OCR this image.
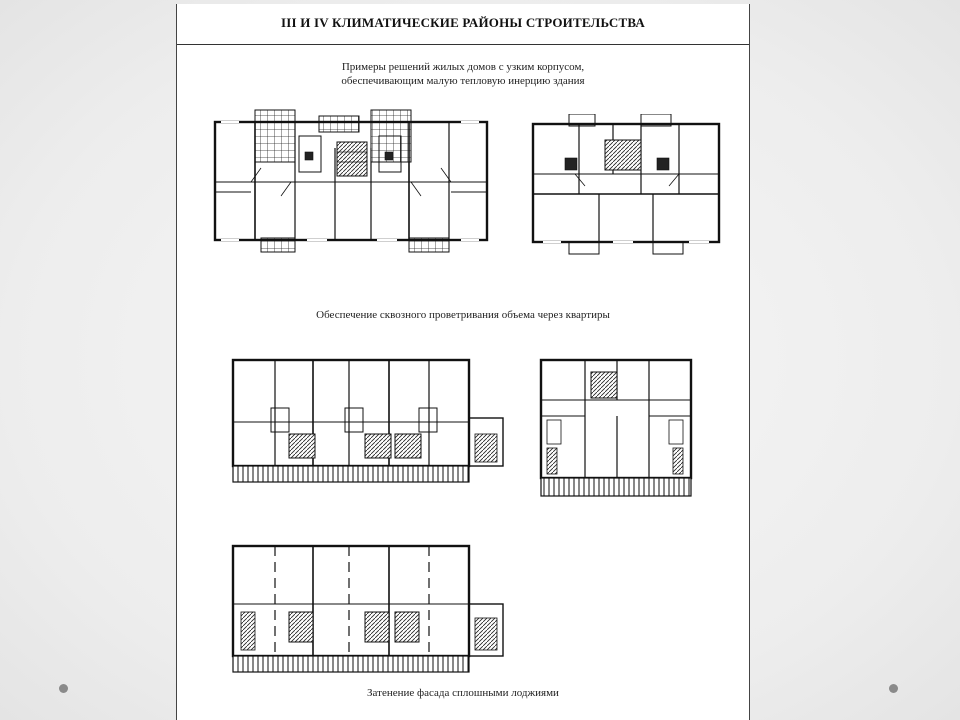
III И IV КЛИМАТИЧЕСКИЕ РАЙОНЫ СТРОИТЕЛЬСТВА
Примеры решений жилых домов с узким корпусом,
обеспечивающим малую тепловую инерцию здания
Обеспечение сквозного проветривания объема через квартиры
Затенение фасада сплошными лоджиями
